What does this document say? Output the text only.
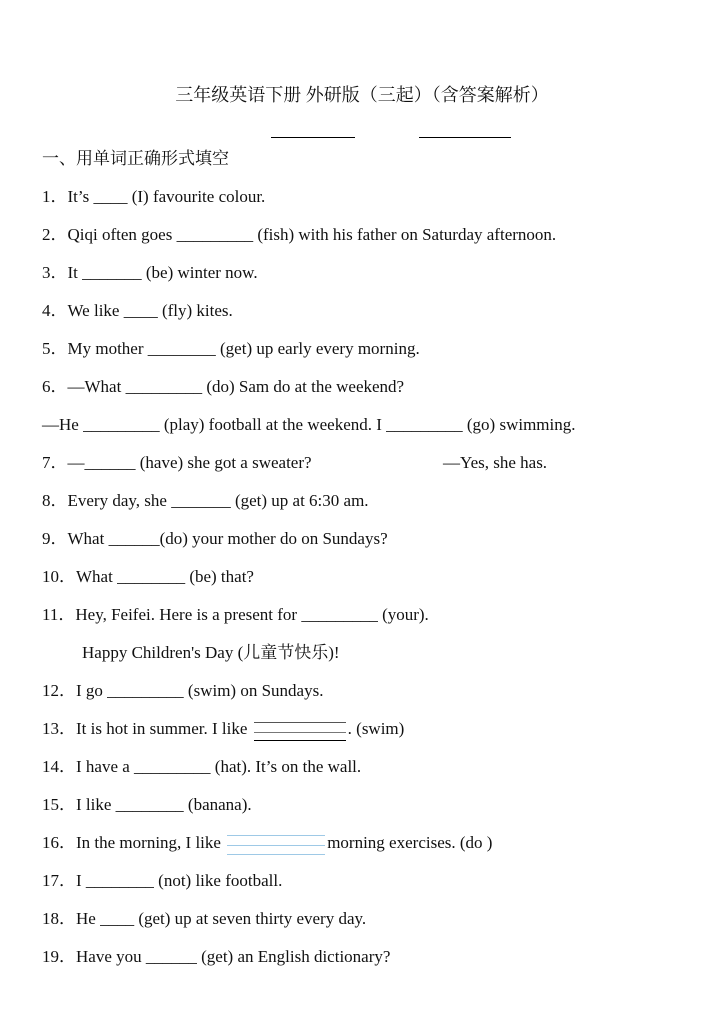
三年级英语下册 外研版（三起）（含答案解析）
一、用单词正确形式填空
1．It’s ____ (I) favourite colour.
2．Qiqi often goes _________ (fish) with his father on Saturday afternoon.
3．It _______ (be) winter now.
4．We like ____ (fly) kites.
5．My mother ________ (get) up early every morning.
6．—What _________ (do) Sam do at the weekend?
—He _________ (play) football at the weekend. I _________ (go) swimming.
7．—______ (have) she got a sweater?	—Yes, she has.
8．Every day, she _______ (get) up at 6:30 am.
9．What ______(do) your mother do on Sundays?
10．What ________ (be) that?
11．Hey, Feifei. Here is a present for _________ (your).
Happy Children's Day (儿童节快乐)!
12．I go _________ (swim) on Sundays.
13．It is hot in summer. I like	. (swim)
14．I have a _________ (hat). It’s on the wall.
15．I like ________ (banana).
16．In the morning, I like	morning exercises. (do )
17．I ________ (not) like football.
18．He ____ (get) up at seven thirty every day.
19．Have you ______ (get) an English dictionary?
